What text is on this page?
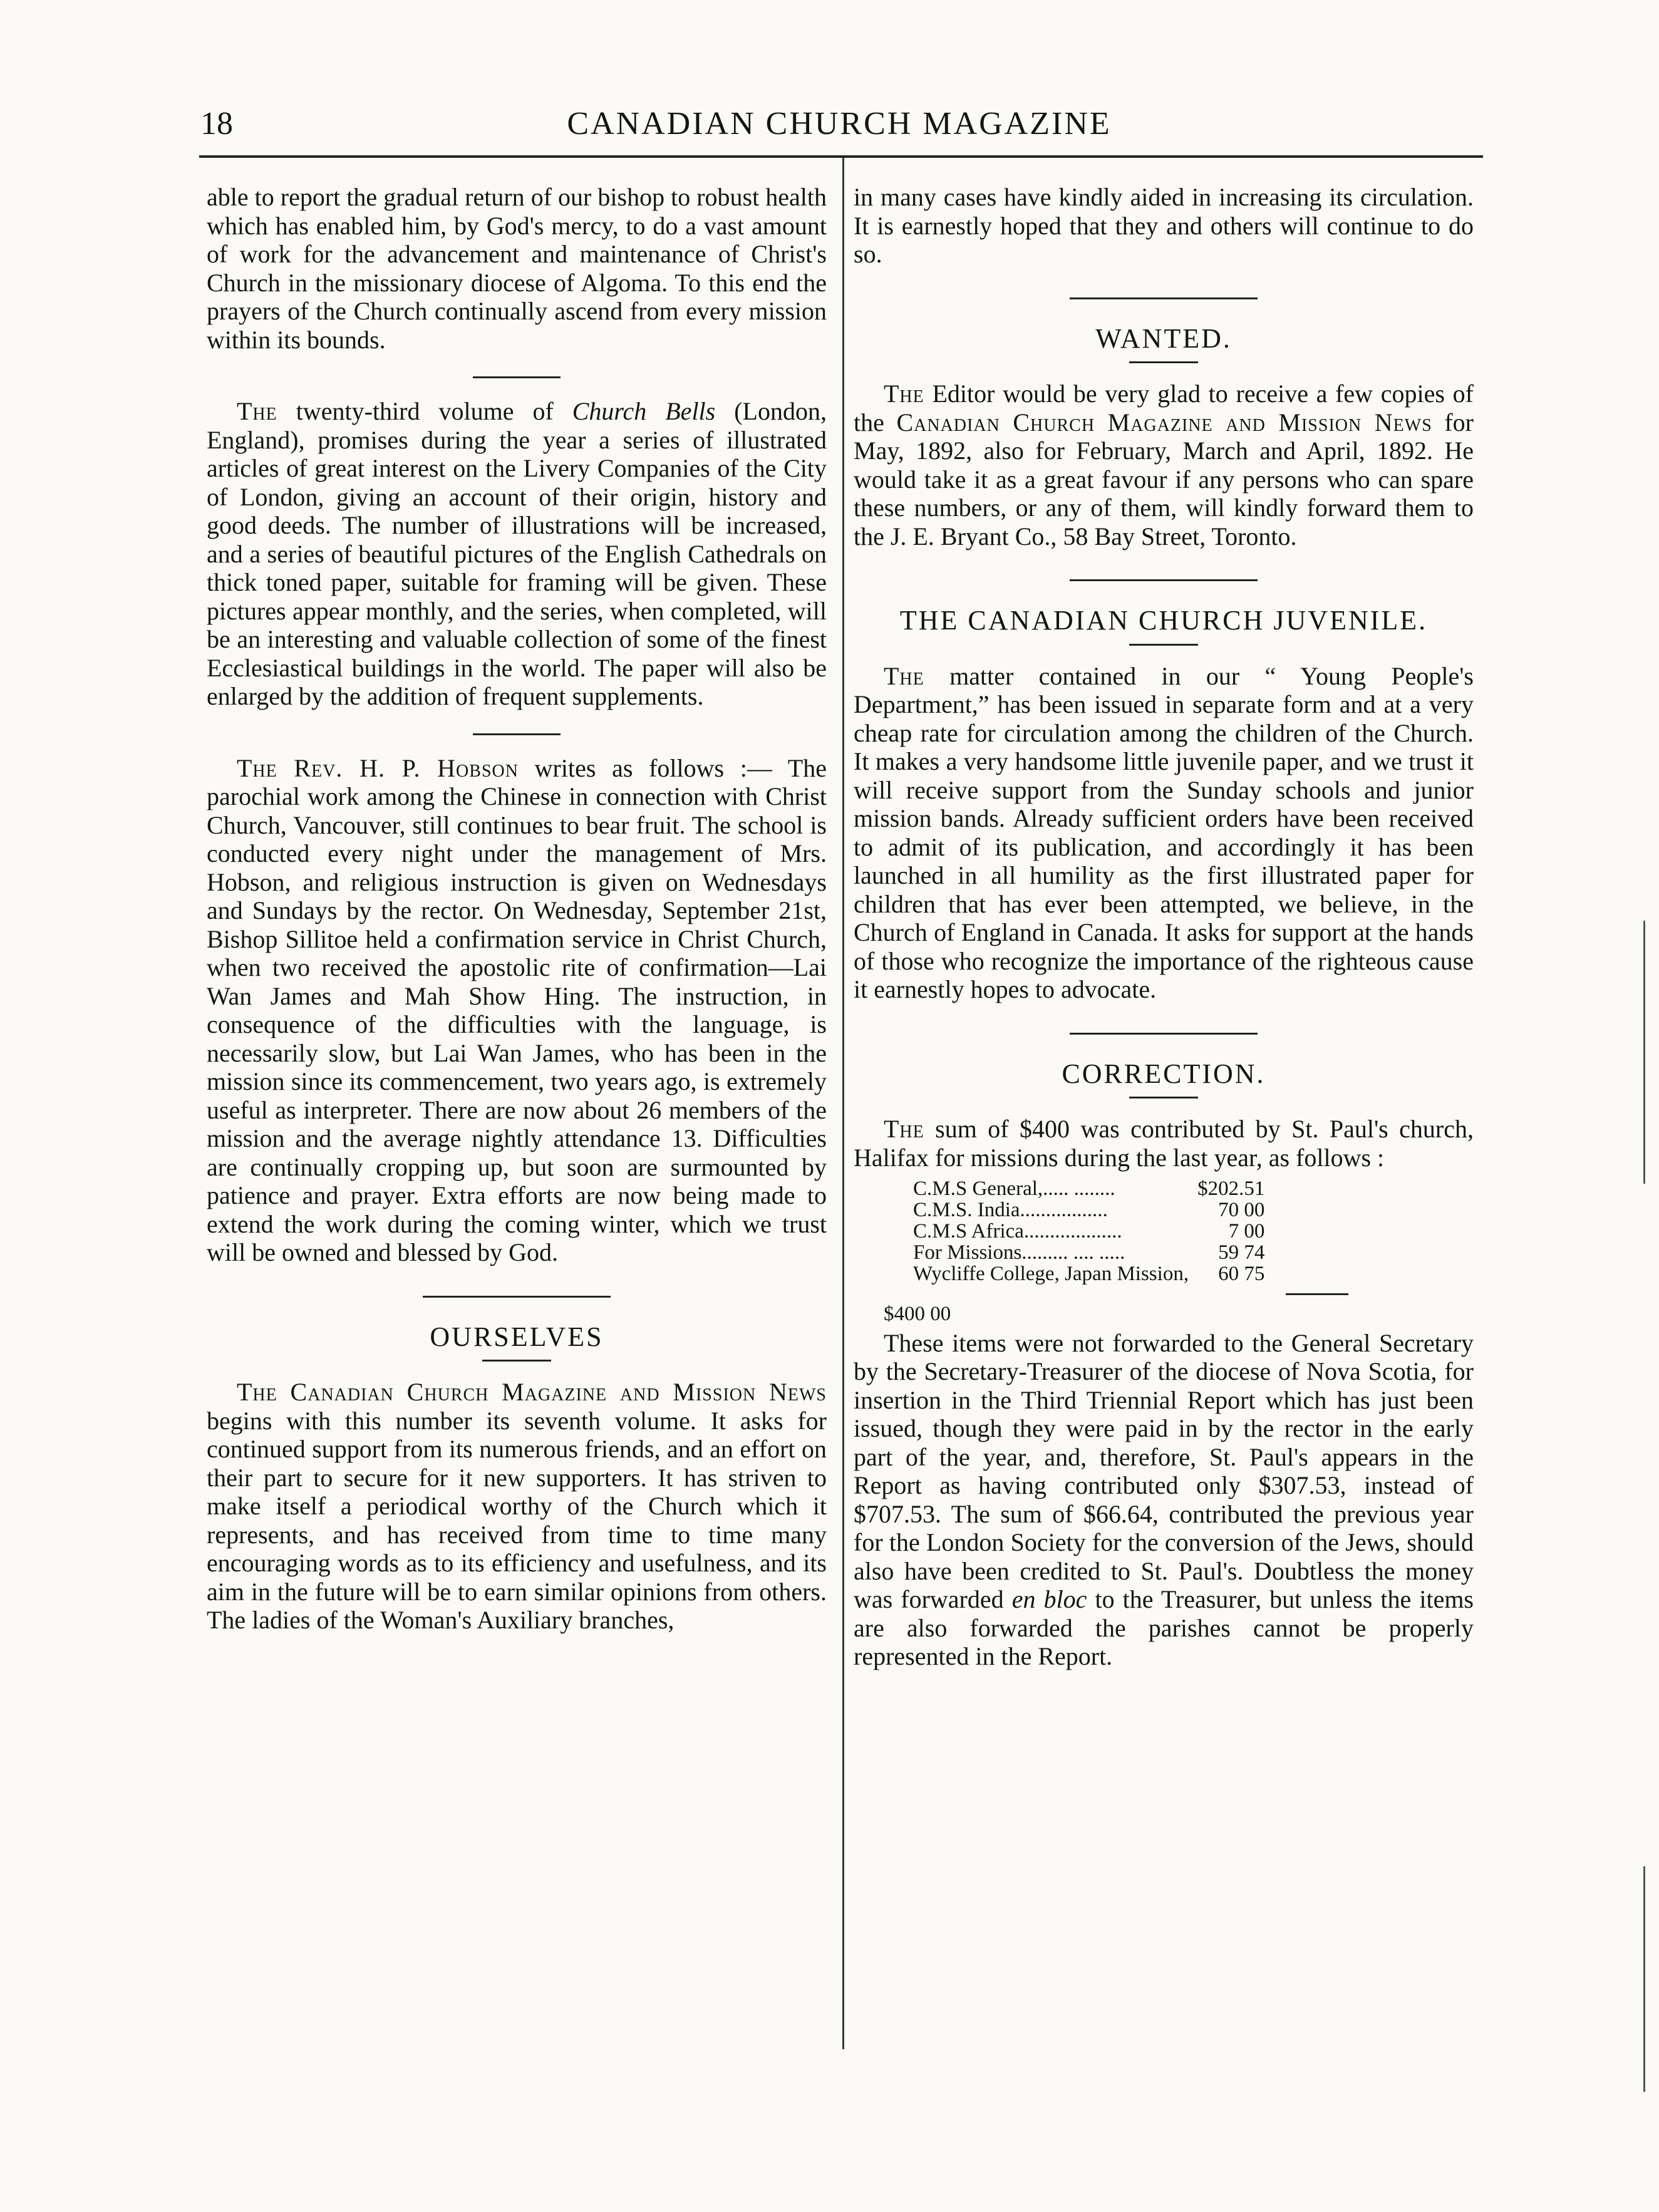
18	CANADIAN CHURCH MAGAZINE

able to report the gradual return of our bishop to robust health which has enabled him, by God's mercy, to do a vast amount of work for the advancement and maintenance of Christ's Church in the missionary diocese of Algoma. To this end the prayers of the Church continually ascend from every mission within its bounds.

The twenty-third volume of Church Bells (London, England), promises during the year a series of illustrated articles of great interest on the Livery Companies of the City of London, giving an account of their origin, history and good deeds. The number of illustrations will be increased, and a series of beautiful pictures of the English Cathedrals on thick toned paper, suitable for framing will be given. These pictures appear monthly, and the series, when completed, will be an interesting and valuable collection of some of the finest Ecclesiastical buildings in the world. The paper will also be enlarged by the addition of frequent supplements.

The Rev. H. P. Hobson writes as follows :— The parochial work among the Chinese in connection with Christ Church, Vancouver, still continues to bear fruit. The school is conducted every night under the management of Mrs. Hobson, and religious instruction is given on Wednesdays and Sundays by the rector. On Wednesday, September 21st, Bishop Sillitoe held a confirmation service in Christ Church, when two received the apostolic rite of confirmation—Lai Wan James and Mah Show Hing. The instruction, in consequence of the difficulties with the language, is necessarily slow, but Lai Wan James, who has been in the mission since its commencement, two years ago, is extremely useful as interpreter. There are now about 26 members of the mission and the average nightly attendance 13. Difficulties are continually cropping up, but soon are surmounted by patience and prayer. Extra efforts are now being made to extend the work during the coming winter, which we trust will be owned and blessed by God.

OURSELVES

The Canadian Church Magazine and Mission News begins with this number its seventh volume. It asks for continued support from its numerous friends, and an effort on their part to secure for it new supporters. It has striven to make itself a periodical worthy of the Church which it represents, and has received from time to time many encouraging words as to its efficiency and usefulness, and its aim in the future will be to earn similar opinions from others. The ladies of the Woman's Auxiliary branches,

in many cases have kindly aided in increasing its circulation. It is earnestly hoped that they and others will continue to do so.

WANTED.

The Editor would be very glad to receive a few copies of the Canadian Church Magazine and Mission News for May, 1892, also for February, March and April, 1892. He would take it as a great favour if any persons who can spare these numbers, or any of them, will kindly forward them to the J. E. Bryant Co., 58 Bay Street, Toronto.

THE CANADIAN CHURCH JUVENILE.

The matter contained in our “ Young People's Department,” has been issued in separate form and at a very cheap rate for circulation among the children of the Church. It makes a very handsome little juvenile paper, and we trust it will receive support from the Sunday schools and junior mission bands. Already sufficient orders have been received to admit of its publication, and accordingly it has been launched in all humility as the first illustrated paper for children that has ever been attempted, we believe, in the Church of England in Canada. It asks for support at the hands of those who recognize the importance of the righteous cause it earnestly hopes to advocate.

CORRECTION.

The sum of $400 was contributed by St. Paul's church, Halifax for missions during the last year, as follows :

C.M.S General,..... ........	$202.51
C.M.S. India.................	70 00
C.M.S Africa...................	7 00
For Missions......... .... .....	59 74
Wycliffe College, Japan Mission,	60 75

$400 00

These items were not forwarded to the General Secretary by the Secretary-Treasurer of the diocese of Nova Scotia, for insertion in the Third Triennial Report which has just been issued, though they were paid in by the rector in the early part of the year, and, therefore, St. Paul's appears in the Report as having contributed only $307.53, instead of $707.53. The sum of $66.64, contributed the previous year for the London Society for the conversion of the Jews, should also have been credited to St. Paul's. Doubtless the money was forwarded en bloc to the Treasurer, but unless the items are also forwarded the parishes cannot be properly represented in the Report.
